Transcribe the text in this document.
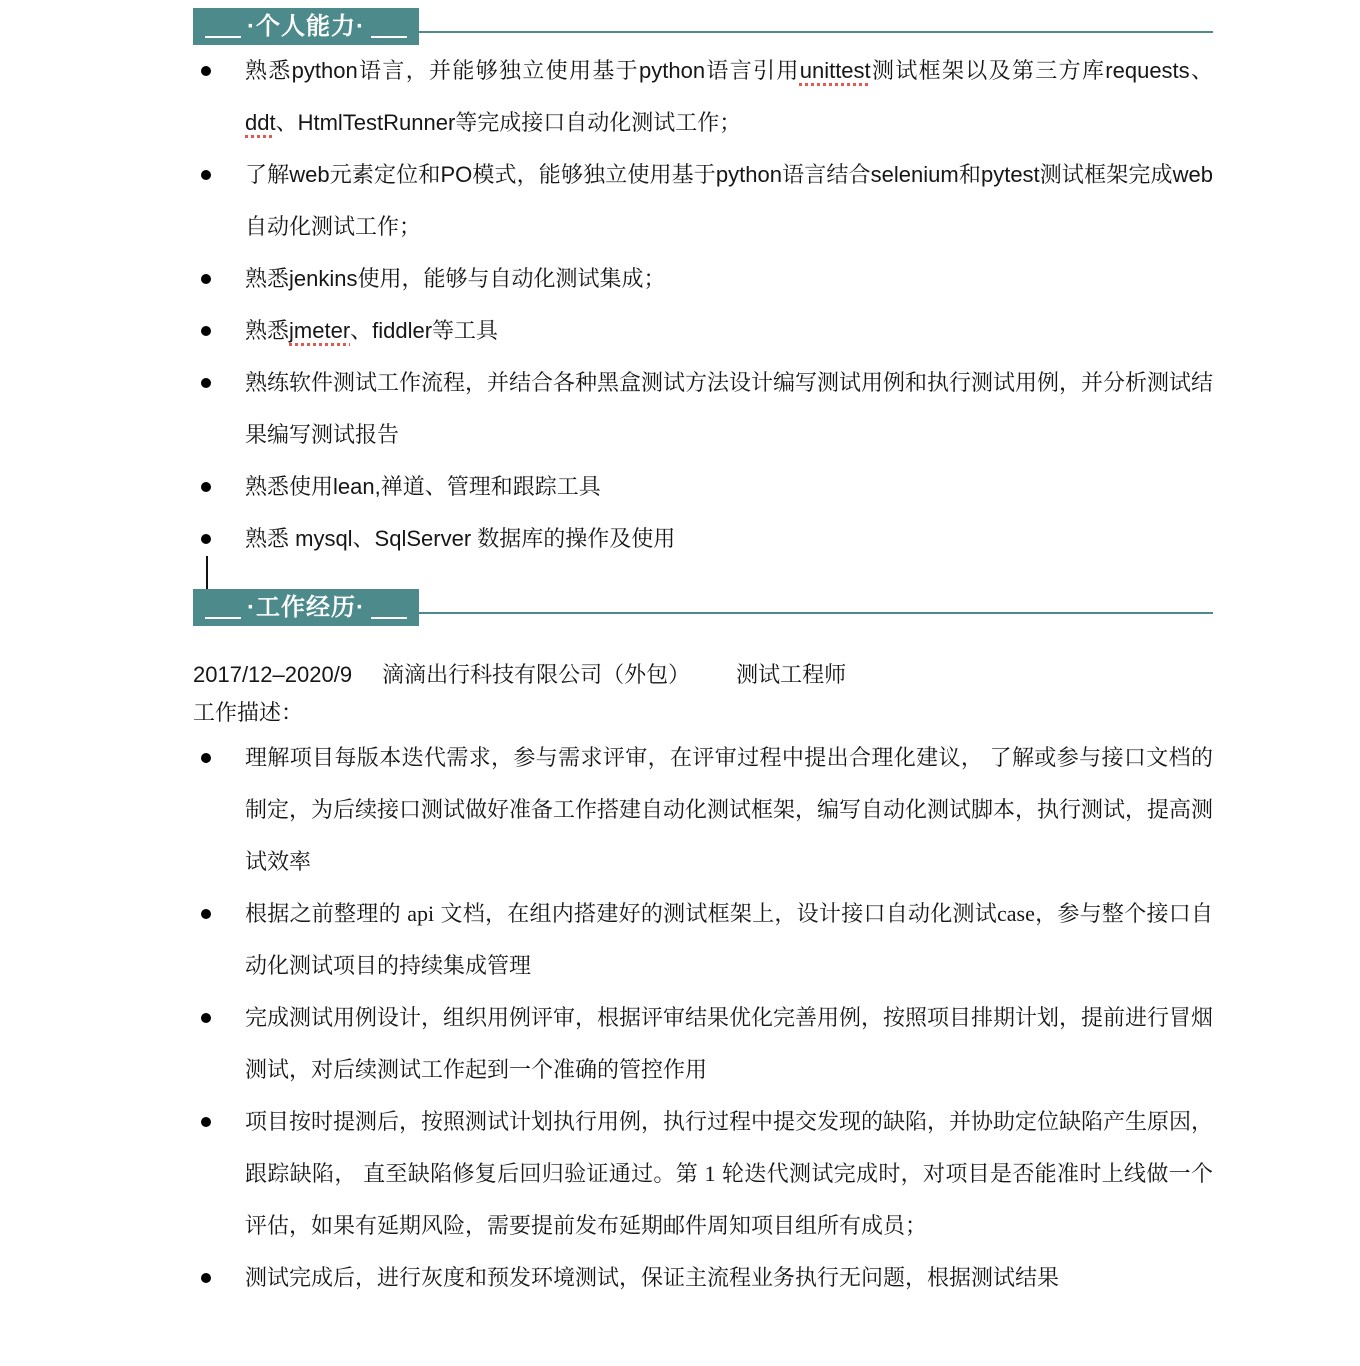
·个人能力·
熟悉python语言，并能够独立使用基于python语言引用unittest测试框架以及第三方库requests、ddt、HtmlTestRunner等完成接口自动化测试工作；
了解web元素定位和PO模式，能够独立使用基于python语言结合selenium和pytest测试框架完成web自动化测试工作；
熟悉jenkins使用，能够与自动化测试集成；
熟悉jmeter、fiddler等工具
熟练软件测试工作流程，并结合各种黑盒测试方法设计编写测试用例和执行测试用例，并分析测试结果编写测试报告
熟悉使用lean,禅道、管理和跟踪工具
熟悉 mysql、SqlServer 数据库的操作及使用
·工作经历·
2017/12–2020/9 滴滴出行科技有限公司（外包） 测试工程师
工作描述：
理解项目每版本迭代需求，参与需求评审，在评审过程中提出合理化建议， 了解或参与接口文档的制定，为后续接口测试做好准备工作搭建自动化测试框架，编写自动化测试脚本，执行测试，提高测试效率
根据之前整理的 api 文档，在组内搭建好的测试框架上，设计接口自动化测试case，参与整个接口自动化测试项目的持续集成管理
完成测试用例设计，组织用例评审，根据评审结果优化完善用例，按照项目排期计划，提前进行冒烟测试，对后续测试工作起到一个准确的管控作用
项目按时提测后，按照测试计划执行用例，执行过程中提交发现的缺陷，并协助定位缺陷产生原因，跟踪缺陷， 直至缺陷修复后回归验证通过。第 1 轮迭代测试完成时，对项目是否能准时上线做一个评估，如果有延期风险，需要提前发布延期邮件周知项目组所有成员；
测试完成后，进行灰度和预发环境测试，保证主流程业务执行无问题，根据测试结果
